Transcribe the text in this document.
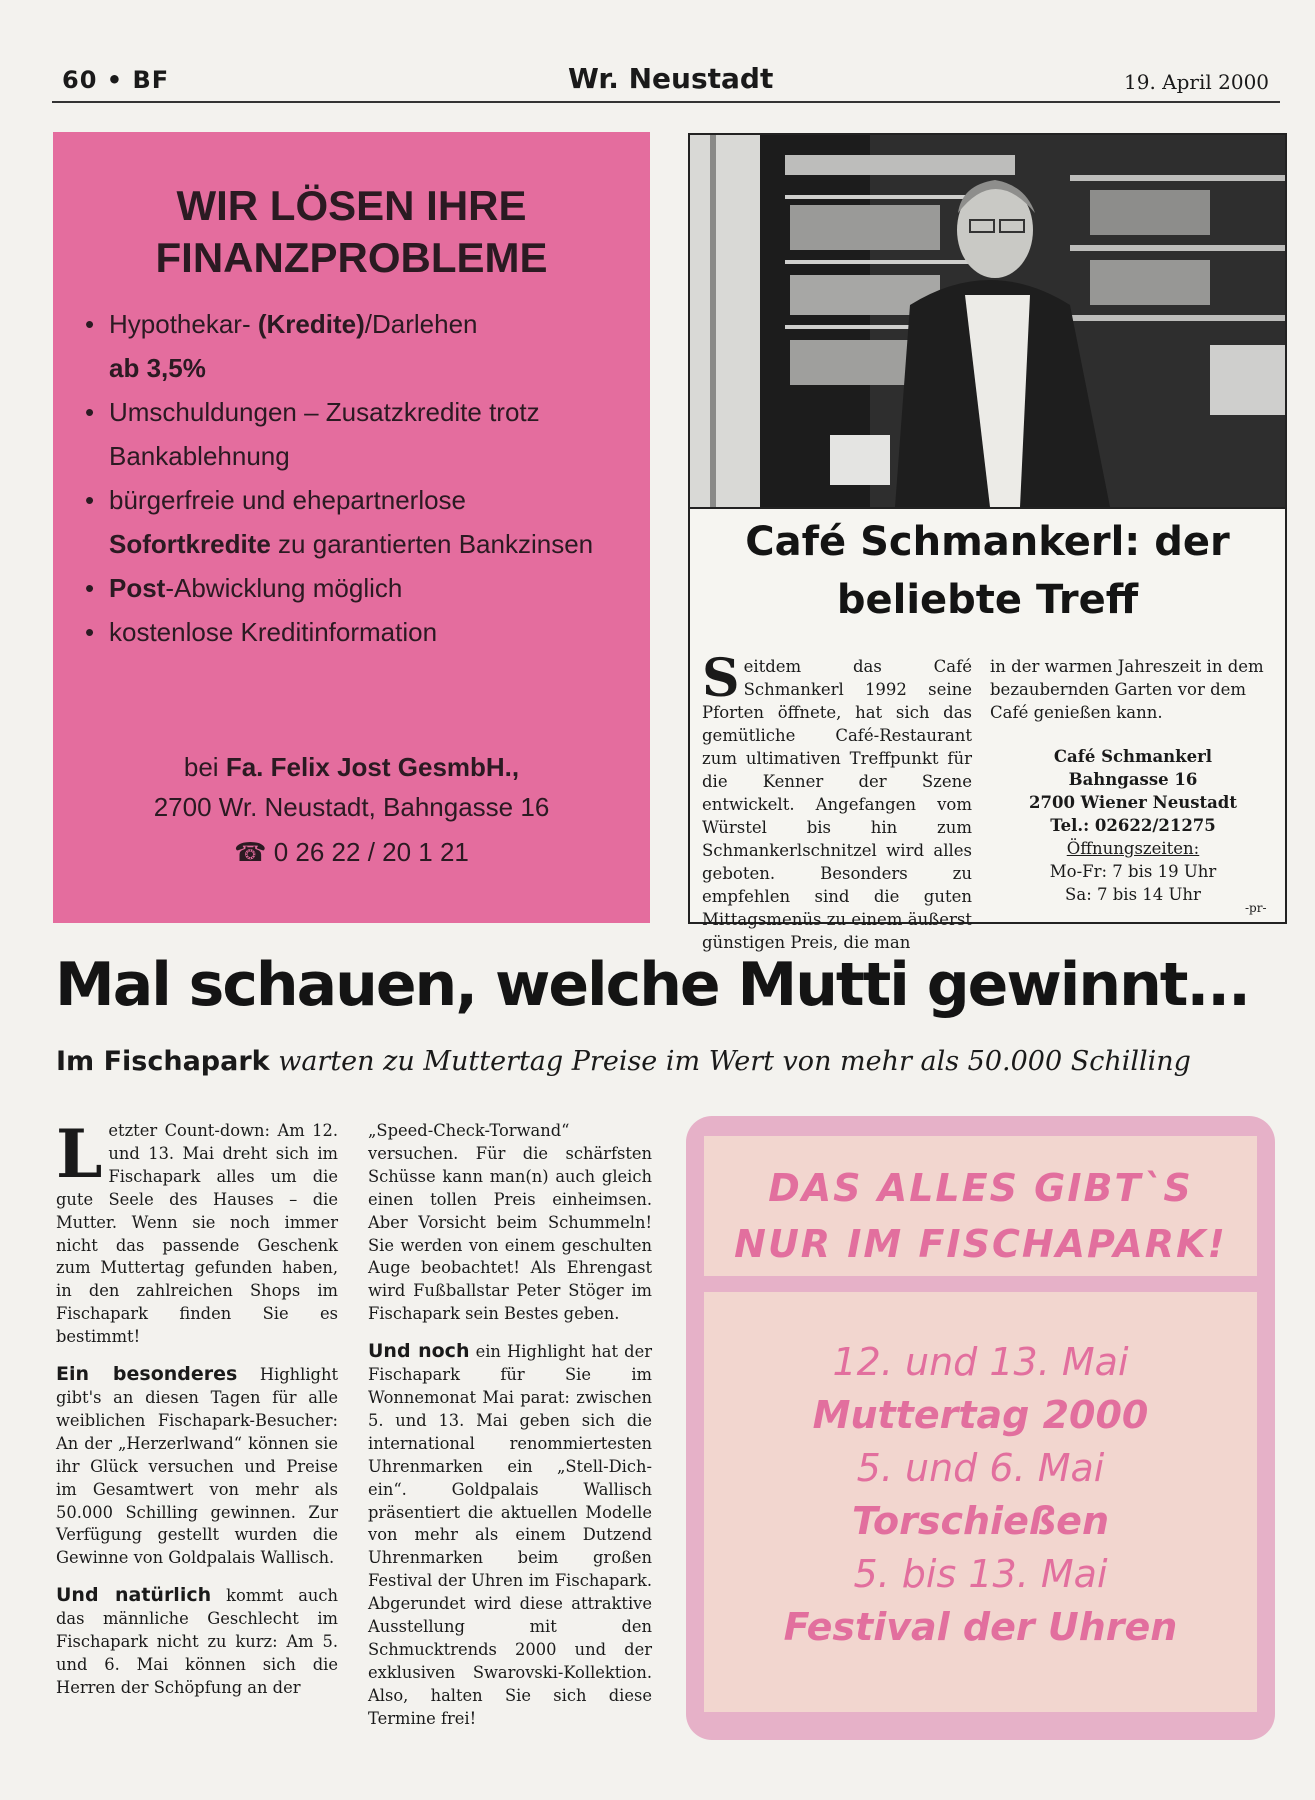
60 • BF	Wr. Neustadt	19. April 2000
WIR LÖSEN IHRE
FINANZPROBLEME
• Hypothekar- (Kredite)/Darlehen
ab 3,5%
• Umschuldungen – Zusatzkredite trotz Bankablehnung
• bürgerfreie und ehepartnerlose
Sofortkredite zu garantierten Bankzinsen
• Post-Abwicklung möglich
• kostenlose Kreditinformation
bei Fa. Felix Jost GesmbH.,
2700 Wr. Neustadt, Bahngasse 16
☎ 0 26 22 / 20 1 21
Café Schmankerl: der
beliebte Treff
Seitdem das Café Schmankerl 1992 seine Pforten öffnete, hat sich das gemütliche Café-Restaurant zum ultimativen Treffpunkt für die Kenner der Szene entwickelt. Angefangen vom Würstel bis hin zum Schmankerlschnitzel wird alles geboten. Besonders zu empfehlen sind die guten Mittagsmenüs zu einem äußerst günstigen Preis, die man
in der warmen Jahreszeit in dem bezaubernden Garten vor dem Café genießen kann.
Café Schmankerl
Bahngasse 16
2700 Wiener Neustadt
Tel.: 02622/21275
Öffnungszeiten:
Mo-Fr: 7 bis 19 Uhr
Sa: 7 bis 14 Uhr
-pr-
Mal schauen, welche Mutti gewinnt...
Im Fischapark warten zu Muttertag Preise im Wert von mehr als 50.000 Schilling

Letzter Count-down: Am 12. und 13. Mai dreht sich im Fischapark alles um die gute Seele des Hauses – die Mutter. Wenn sie noch immer nicht das passende Geschenk zum Muttertag gefunden haben, in den zahlreichen Shops im Fischapark finden Sie es bestimmt!

Ein besonderes Highlight gibt's an diesen Tagen für alle weiblichen Fischapark-Besucher: An der „Herzerlwand“ können sie ihr Glück versuchen und Preise im Gesamtwert von mehr als 50.000 Schilling gewinnen. Zur Verfügung gestellt wurden die Gewinne von Goldpalais Wallisch.

Und natürlich kommt auch das männliche Geschlecht im Fischapark nicht zu kurz: Am 5. und 6. Mai können sich die Herren der Schöpfung an der

„Speed-Check-Torwand“ versuchen. Für die schärfsten Schüsse kann man(n) auch gleich einen tollen Preis einheimsen. Aber Vorsicht beim Schummeln! Sie werden von einem geschulten Auge beobachtet! Als Ehrengast wird Fußballstar Peter Stöger im Fischapark sein Bestes geben.

Und noch ein Highlight hat der Fischapark für Sie im Wonnemonat Mai parat: zwischen 5. und 13. Mai geben sich die international renommiertesten Uhrenmarken ein „Stell-Dich-ein“. Goldpalais Wallisch präsentiert die aktuellen Modelle von mehr als einem Dutzend Uhrenmarken beim großen Festival der Uhren im Fischapark. Abgerundet wird diese attraktive Ausstellung mit den Schmucktrends 2000 und der exklusiven Swarovski-Kollektion. Also, halten Sie sich diese Termine frei!

DAS ALLES GIBT`S
NUR IM FISCHAPARK!
12. und 13. Mai
Muttertag 2000
5. und 6. Mai
Torschießen
5. bis 13. Mai
Festival der Uhren
